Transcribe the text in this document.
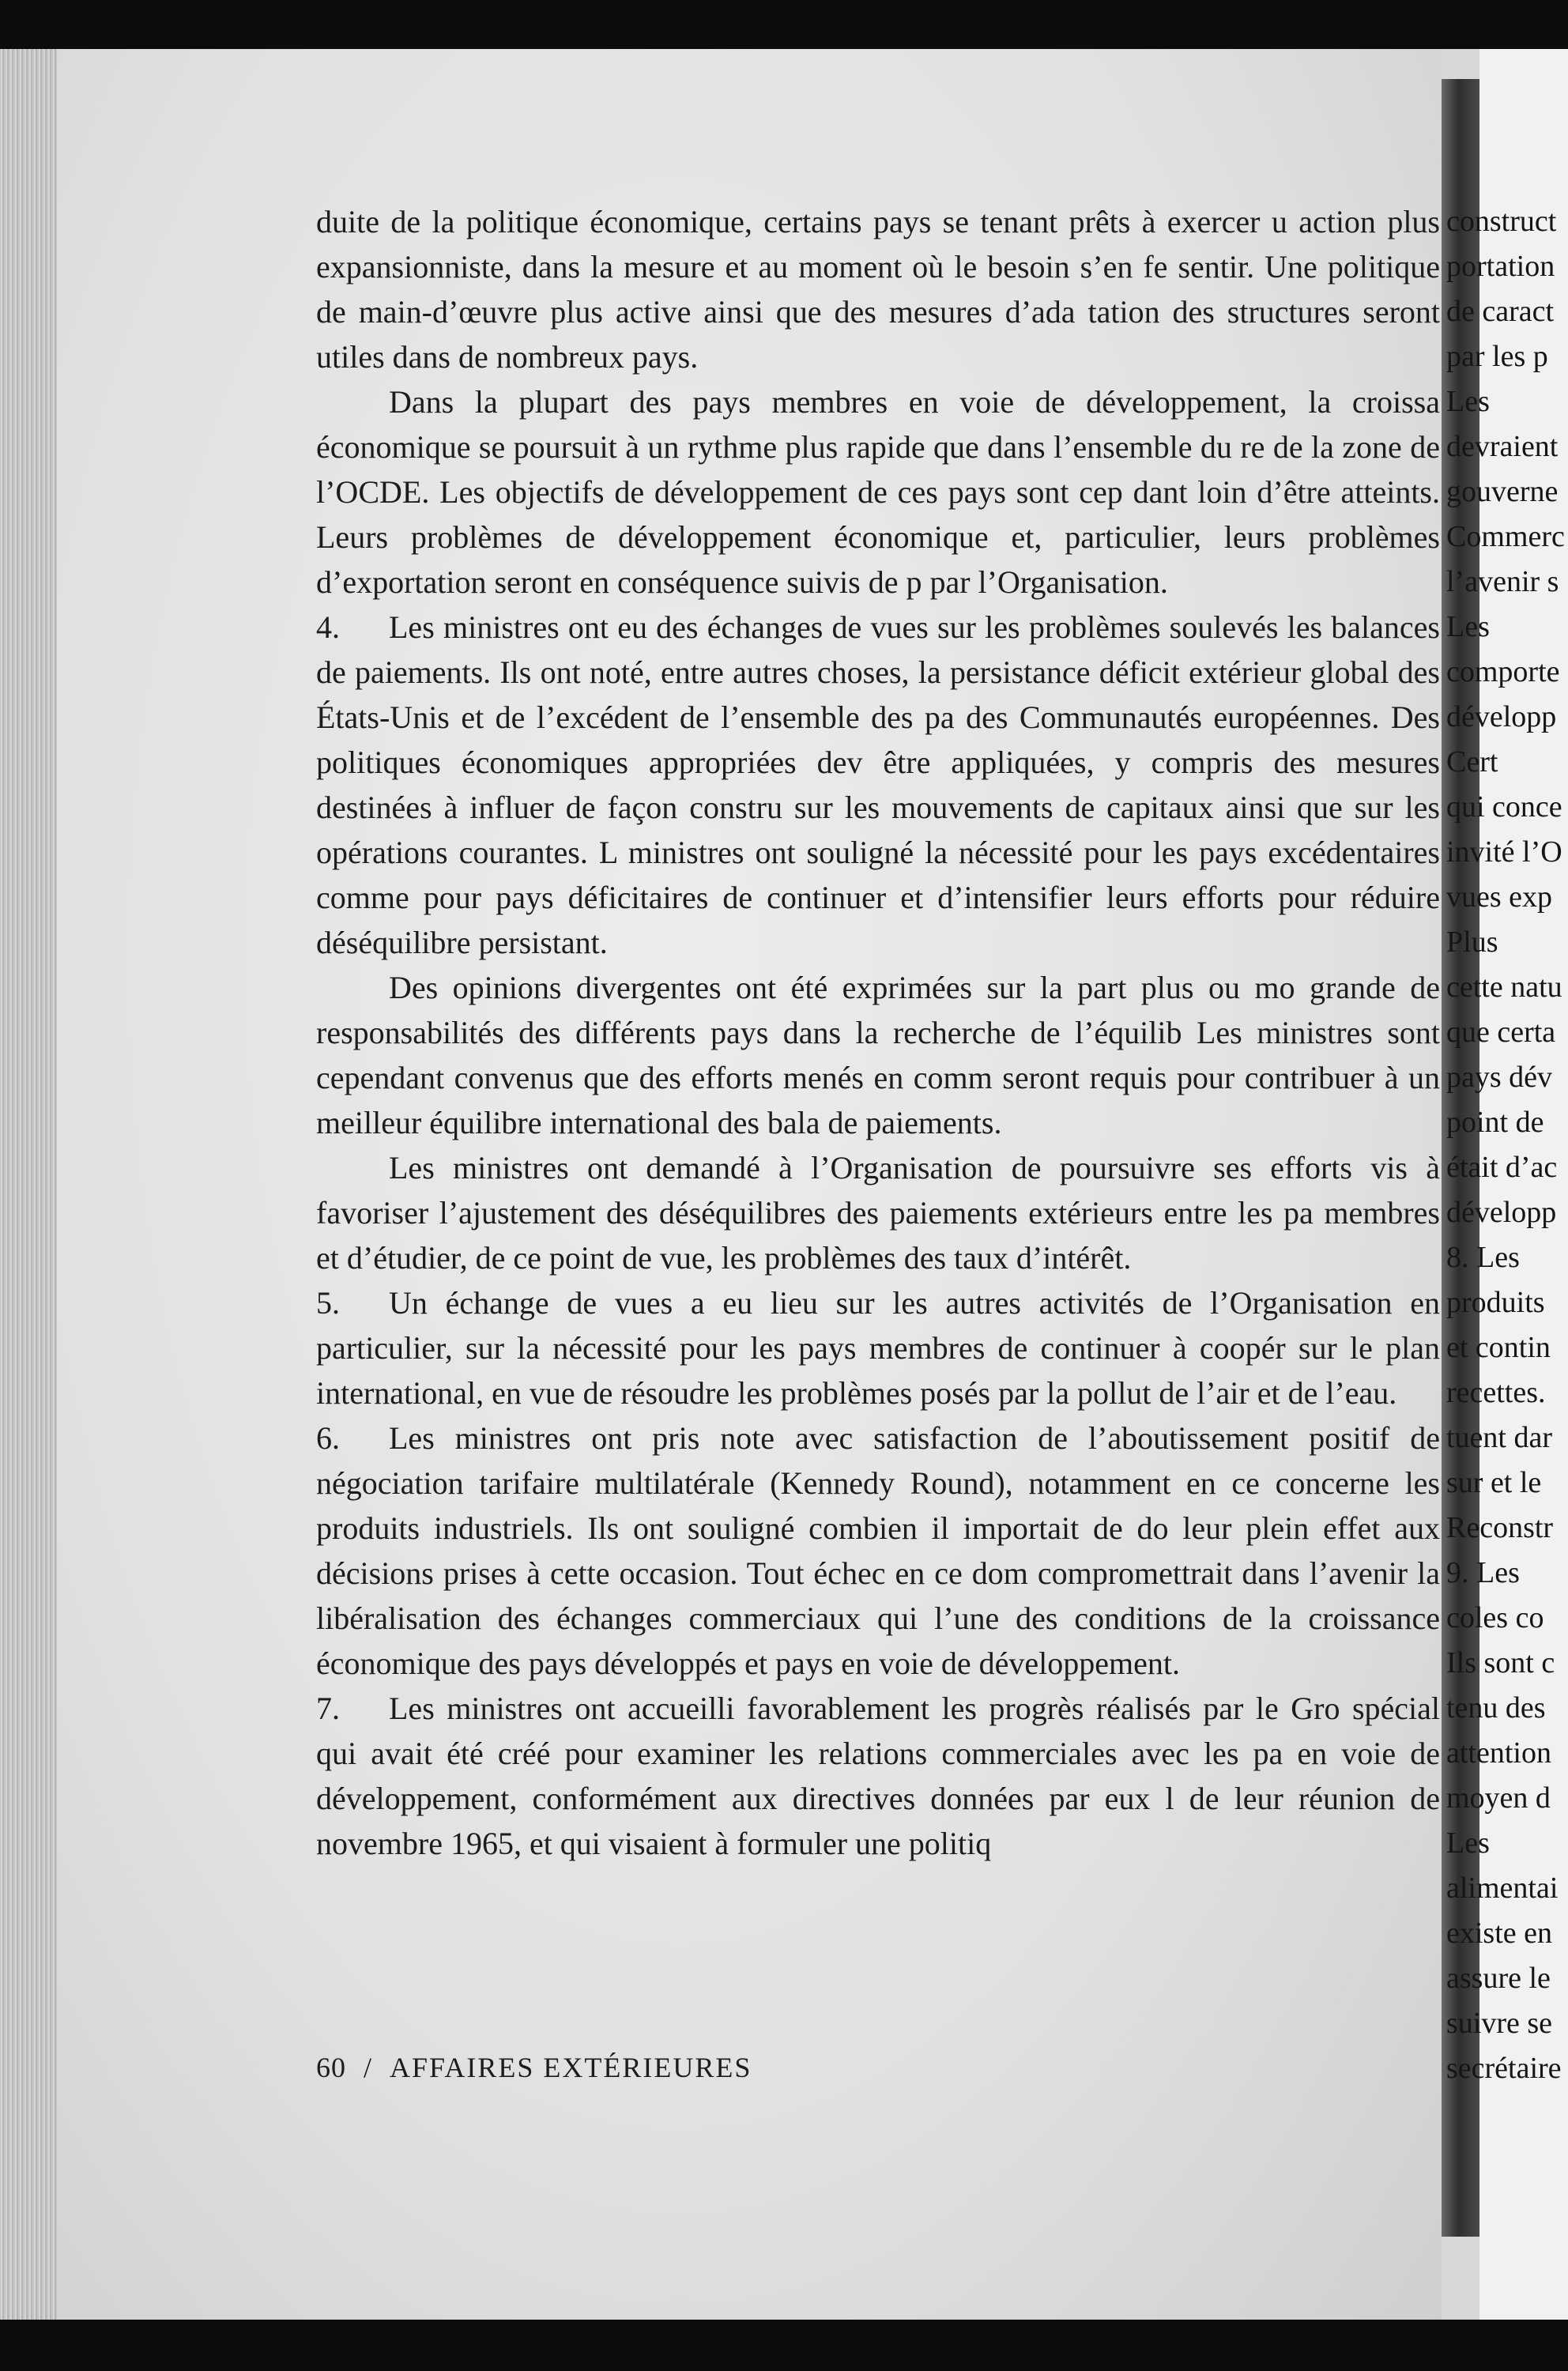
duite de la politique économique, certains pays se tenant prêts à exercer u action plus expansionniste, dans la mesure et au moment où le besoin s’en fe sentir. Une politique de main-d’œuvre plus active ainsi que des mesures d’ada tation des structures seront utiles dans de nombreux pays.

Dans la plupart des pays membres en voie de développement, la croissa économique se poursuit à un rythme plus rapide que dans l’ensemble du re de la zone de l’OCDE. Les objectifs de développement de ces pays sont cep dant loin d’être atteints. Leurs problèmes de développement économique et, particulier, leurs problèmes d’exportation seront en conséquence suivis de p par l’Organisation.

4. Les ministres ont eu des échanges de vues sur les problèmes soulevés les balances de paiements. Ils ont noté, entre autres choses, la persistance déficit extérieur global des États-Unis et de l’excédent de l’ensemble des pa des Communautés européennes. Des politiques économiques appropriées dev être appliquées, y compris des mesures destinées à influer de façon constru sur les mouvements de capitaux ainsi que sur les opérations courantes. L ministres ont souligné la nécessité pour les pays excédentaires comme pour pays déficitaires de continuer et d’intensifier leurs efforts pour réduire déséquilibre persistant.

Des opinions divergentes ont été exprimées sur la part plus ou mo grande de responsabilités des différents pays dans la recherche de l’équilib Les ministres sont cependant convenus que des efforts menés en comm seront requis pour contribuer à un meilleur équilibre international des bala de paiements.

Les ministres ont demandé à l’Organisation de poursuivre ses efforts vis à favoriser l’ajustement des déséquilibres des paiements extérieurs entre les pa membres et d’étudier, de ce point de vue, les problèmes des taux d’intérêt.

5. Un échange de vues a eu lieu sur les autres activités de l’Organisation en particulier, sur la nécessité pour les pays membres de continuer à coopér sur le plan international, en vue de résoudre les problèmes posés par la pollut de l’air et de l’eau.

6. Les ministres ont pris note avec satisfaction de l’aboutissement positif de négociation tarifaire multilatérale (Kennedy Round), notamment en ce concerne les produits industriels. Ils ont souligné combien il importait de do leur plein effet aux décisions prises à cette occasion. Tout échec en ce dom compromettrait dans l’avenir la libéralisation des échanges commerciaux qui l’une des conditions de la croissance économique des pays développés et pays en voie de développement.

7. Les ministres ont accueilli favorablement les progrès réalisés par le Gro spécial qui avait été créé pour examiner les relations commerciales avec les pa en voie de développement, conformément aux directives données par eux l de leur réunion de novembre 1965, et qui visaient à formuler une politiq

construct
portation
de caract
par les p
Les
devraient
gouverne
Commerc
l’avenir s
Les
comporte
développ
Cert
qui conce
invité l’O
vues exp
Plus
cette natu
que certa
pays dév
point de
était d’ac
développ
8. Les
produits
et contin
recettes.
tuent dar
sur et le
Reconstr
9. Les
coles co
Ils sont c
tenu des
attention
moyen d
Les
alimentai
existe en
assure le
suivre se
secrétaire
60 / AFFAIRES EXTÉRIEURES
